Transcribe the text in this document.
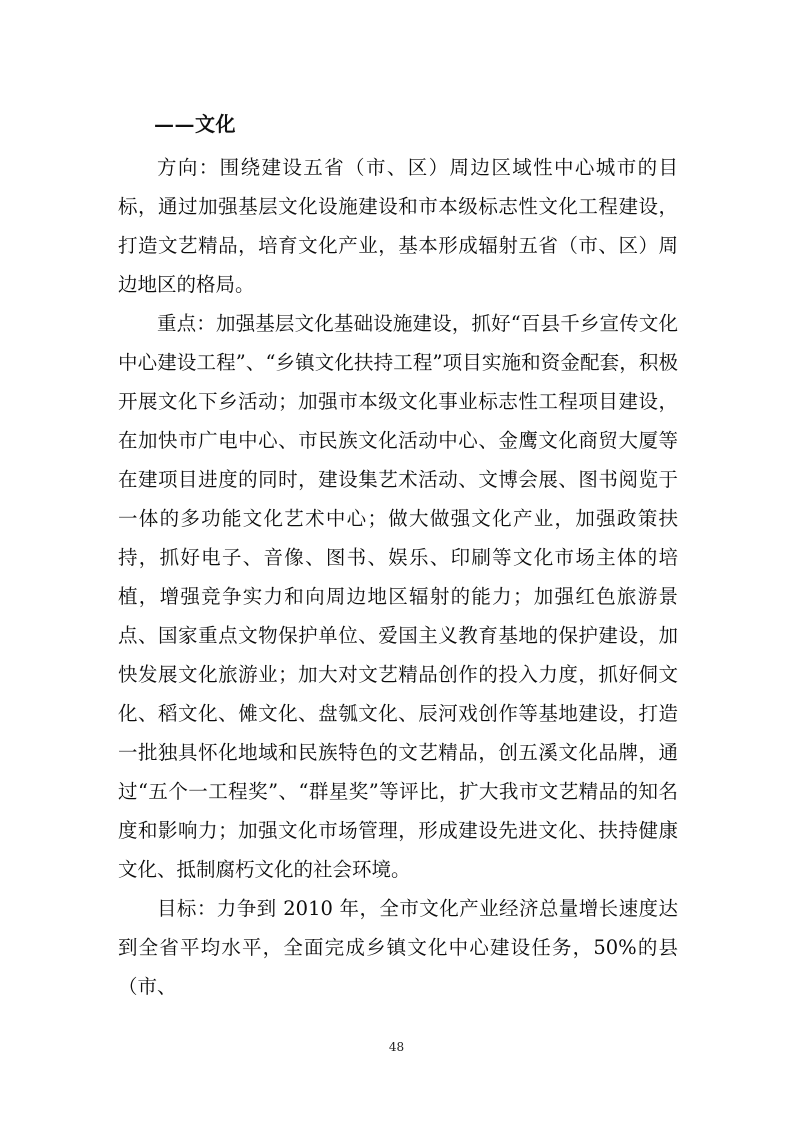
——文化

方向：围绕建设五省（市、区）周边区域性中心城市的目标，通过加强基层文化设施建设和市本级标志性文化工程建设，打造文艺精品，培育文化产业，基本形成辐射五省（市、区）周边地区的格局。

重点：加强基层文化基础设施建设，抓好“百县千乡宣传文化中心建设工程”、“乡镇文化扶持工程”项目实施和资金配套，积极开展文化下乡活动；加强市本级文化事业标志性工程项目建设，在加快市广电中心、市民族文化活动中心、金鹰文化商贸大厦等在建项目进度的同时，建设集艺术活动、文博会展、图书阅览于一体的多功能文化艺术中心；做大做强文化产业，加强政策扶持，抓好电子、音像、图书、娱乐、印刷等文化市场主体的培植，增强竞争实力和向周边地区辐射的能力；加强红色旅游景点、国家重点文物保护单位、爱国主义教育基地的保护建设，加快发展文化旅游业；加大对文艺精品创作的投入力度，抓好侗文化、稻文化、傩文化、盘瓠文化、辰河戏创作等基地建设，打造一批独具怀化地域和民族特色的文艺精品，创五溪文化品牌，通过“五个一工程奖”、“群星奖”等评比，扩大我市文艺精品的知名度和影响力；加强文化市场管理，形成建设先进文化、扶持健康文化、抵制腐朽文化的社会环境。

目标：力争到 2010 年，全市文化产业经济总量增长速度达到全省平均水平，全面完成乡镇文化中心建设任务，50%的县（市、

48
